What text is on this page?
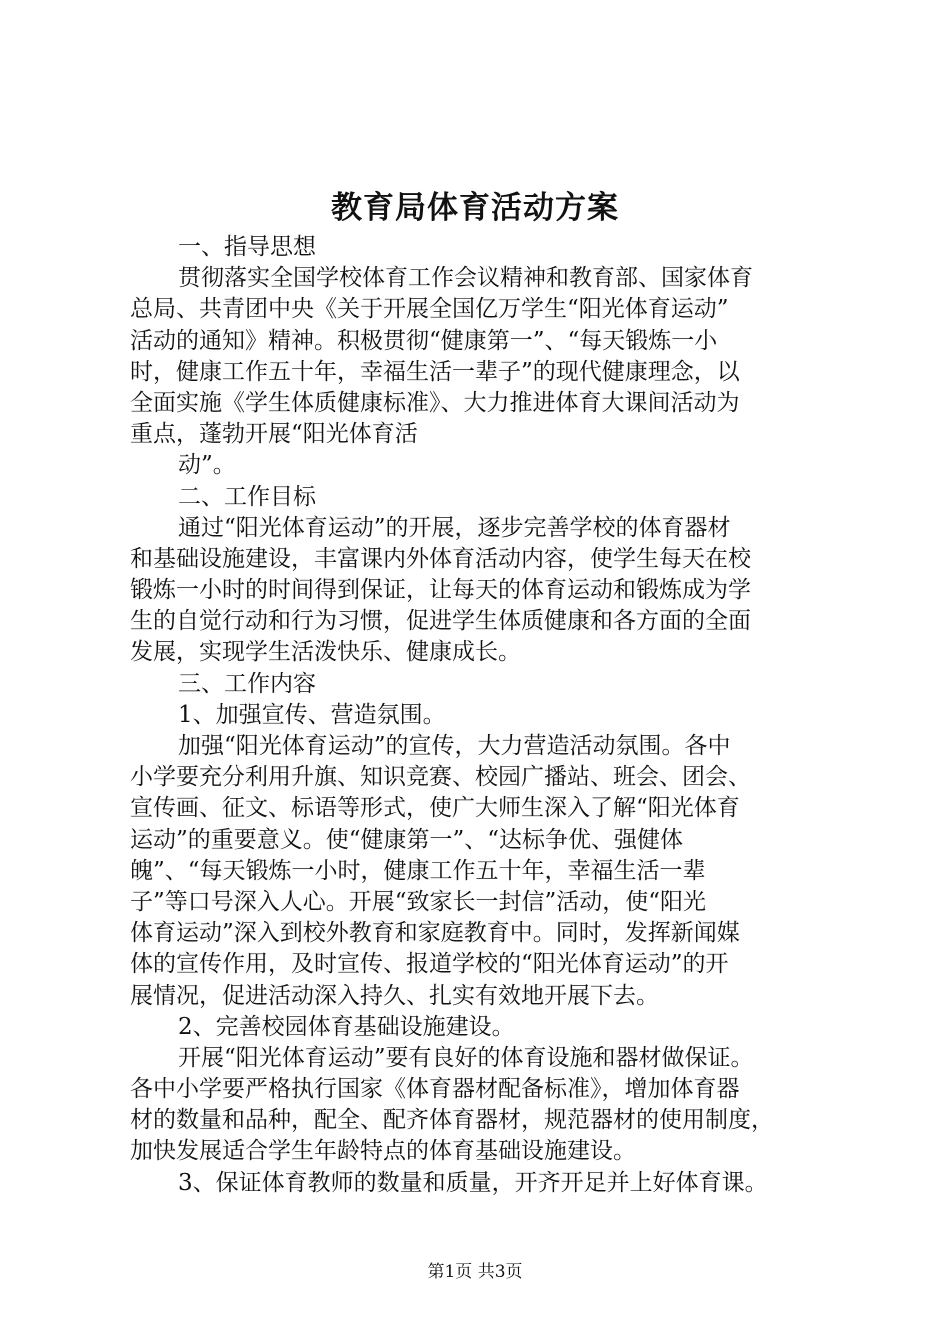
教育局体育活动方案

一、指导思想

贯彻落实全国学校体育工作会议精神和教育部、国家体育

总局、共青团中央《关于开展全国亿万学生“阳光体育运动”

活动的通知》精神。积极贯彻“健康第一”、“每天锻炼一小

时，健康工作五十年，幸福生活一辈子”的现代健康理念，以

全面实施《学生体质健康标准》、大力推进体育大课间活动为

重点，蓬勃开展“阳光体育活

动”。

二、工作目标

通过“阳光体育运动”的开展，逐步完善学校的体育器材

和基础设施建设，丰富课内外体育活动内容，使学生每天在校

锻炼一小时的时间得到保证，让每天的体育运动和锻炼成为学

生的自觉行动和行为习惯，促进学生体质健康和各方面的全面

发展，实现学生活泼快乐、健康成长。

三、工作内容

1、加强宣传、营造氛围。

加强“阳光体育运动”的宣传，大力营造活动氛围。各中

小学要充分利用升旗、知识竞赛、校园广播站、班会、团会、

宣传画、征文、标语等形式，使广大师生深入了解“阳光体育

运动”的重要意义。使“健康第一”、“达标争优、强健体

魄”、“每天锻炼一小时，健康工作五十年，幸福生活一辈

子”等口号深入人心。开展“致家长一封信”活动，使“阳光

体育运动”深入到校外教育和家庭教育中。同时，发挥新闻媒

体的宣传作用，及时宣传、报道学校的“阳光体育运动”的开

展情况，促进活动深入持久、扎实有效地开展下去。

2、完善校园体育基础设施建设。

开展“阳光体育运动”要有良好的体育设施和器材做保证。

各中小学要严格执行国家《体育器材配备标准》，增加体育器

材的数量和品种，配全、配齐体育器材，规范器材的使用制度，

加快发展适合学生年龄特点的体育基础设施建设。

3、保证体育教师的数量和质量，开齐开足并上好体育课。

第1页 共3页
